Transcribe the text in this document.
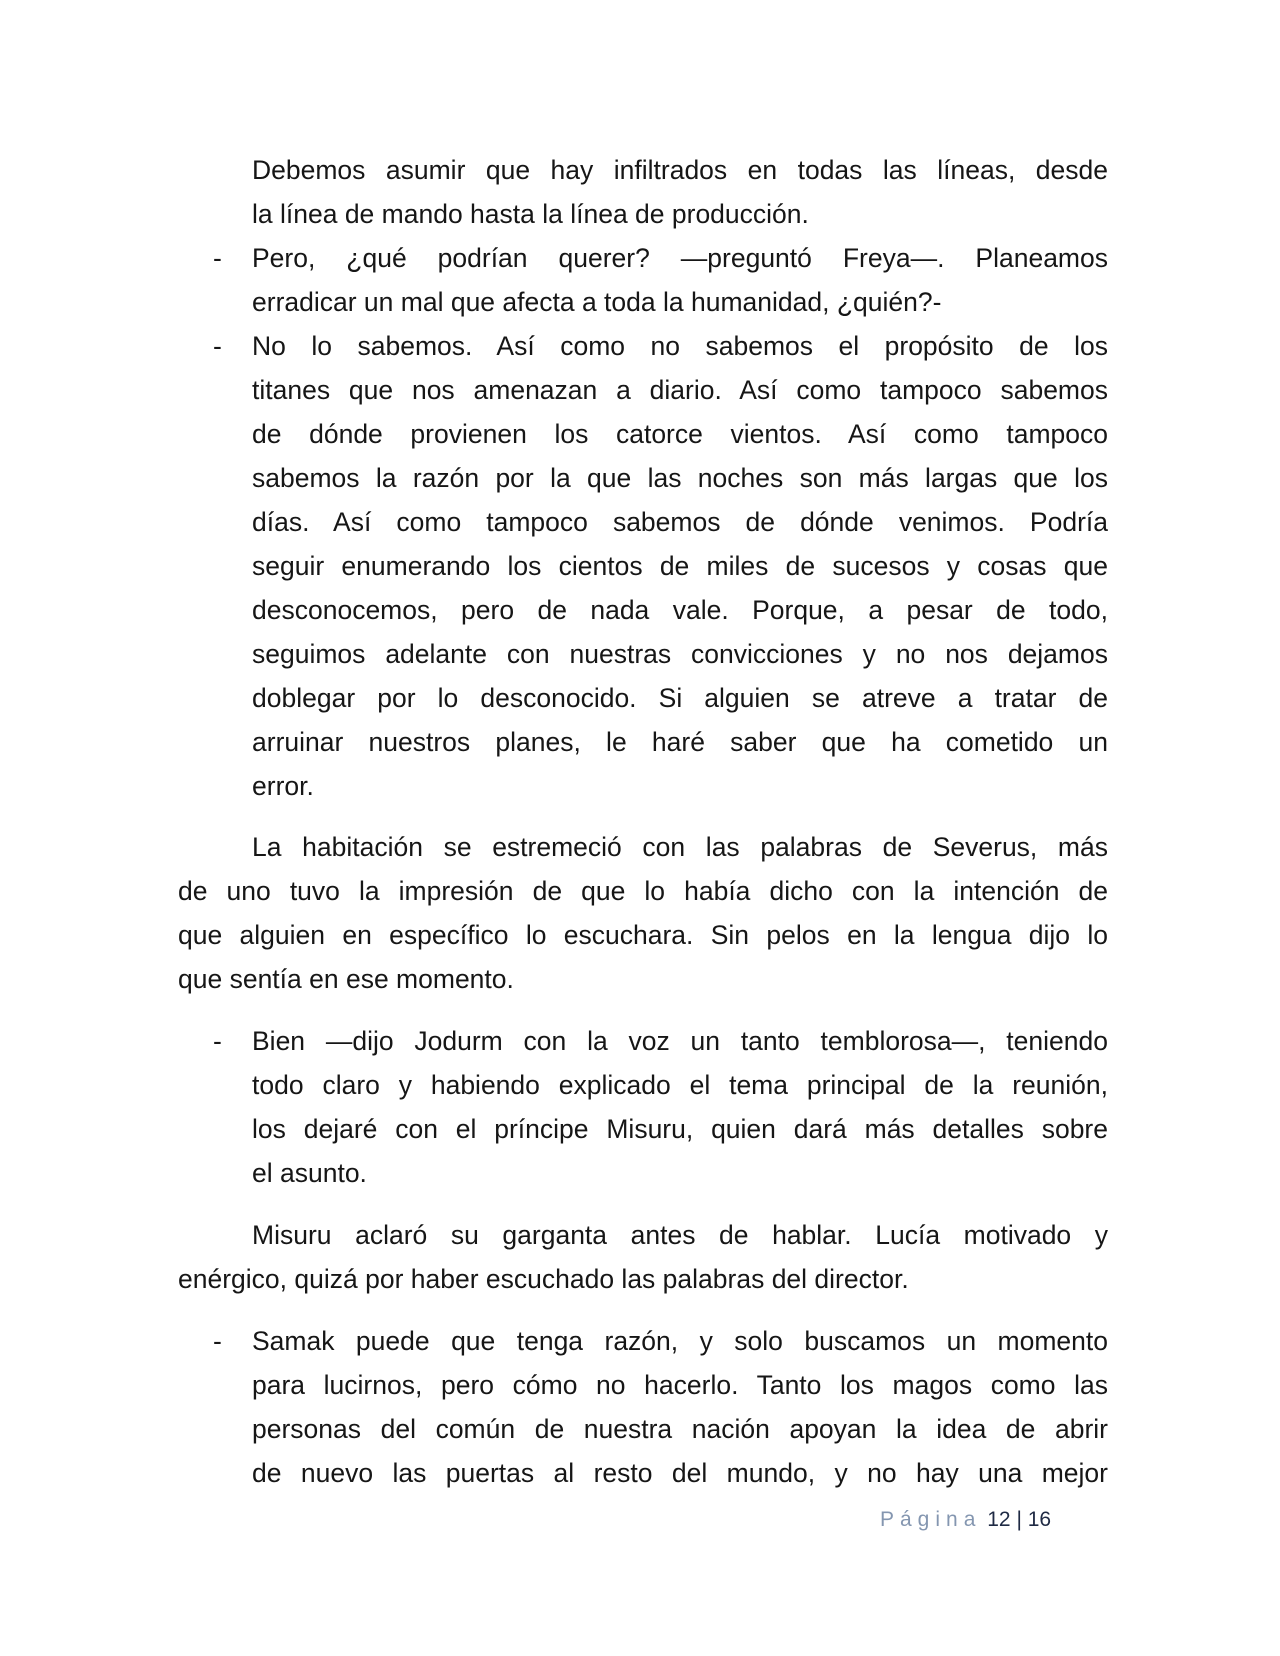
Debemos asumir que hay infiltrados en todas las líneas, desde
la línea de mando hasta la línea de producción.
- Pero, ¿qué podrían querer? —preguntó Freya—. Planeamos
erradicar un mal que afecta a toda la humanidad, ¿quién?-
- No lo sabemos. Así como no sabemos el propósito de los
titanes que nos amenazan a diario. Así como tampoco sabemos
de dónde provienen los catorce vientos. Así como tampoco
sabemos la razón por la que las noches son más largas que los
días. Así como tampoco sabemos de dónde venimos. Podría
seguir enumerando los cientos de miles de sucesos y cosas que
desconocemos, pero de nada vale. Porque, a pesar de todo,
seguimos adelante con nuestras convicciones y no nos dejamos
doblegar por lo desconocido. Si alguien se atreve a tratar de
arruinar nuestros planes, le haré saber que ha cometido un
error.
La habitación se estremeció con las palabras de Severus, más
de uno tuvo la impresión de que lo había dicho con la intención de
que alguien en específico lo escuchara. Sin pelos en la lengua dijo lo
que sentía en ese momento.
- Bien —dijo Jodurm con la voz un tanto temblorosa—, teniendo
todo claro y habiendo explicado el tema principal de la reunión,
los dejaré con el príncipe Misuru, quien dará más detalles sobre
el asunto.
Misuru aclaró su garganta antes de hablar. Lucía motivado y
enérgico, quizá por haber escuchado las palabras del director.
- Samak puede que tenga razón, y solo buscamos un momento
para lucirnos, pero cómo no hacerlo. Tanto los magos como las
personas del común de nuestra nación apoyan la idea de abrir
de nuevo las puertas al resto del mundo, y no hay una mejor
Página 12 | 16
